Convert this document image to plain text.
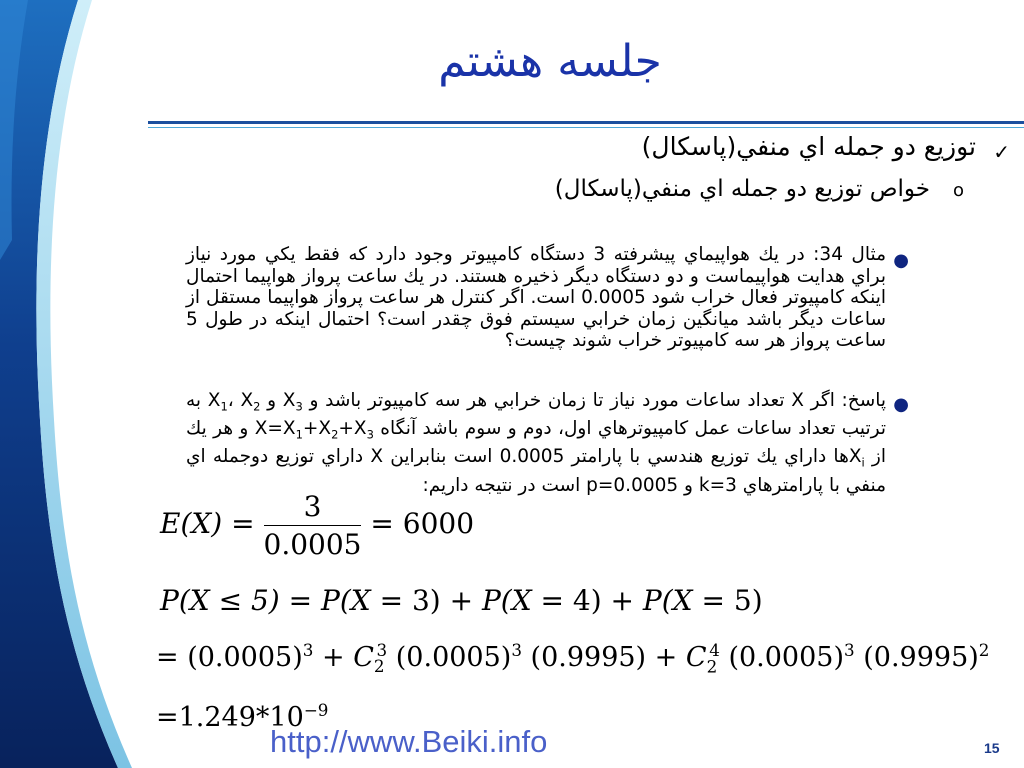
جلسه هشتم
✓
توزيع دو جمله اي منفي(پاسكال)
o
خواص توزيع دو جمله اي منفي(پاسكال)
●

مثال 34: در يك هواپيماي پيشرفته 3 دستگاه كامپيوتر وجود دارد كه فقط يكي مورد نياز براي هدايت هواپيماست و دو دستگاه ديگر ذخيره هستند. در يك ساعت پرواز هواپيما احتمال اينكه كامپيوتر فعال خراب شود 0.0005 است. اگر كنترل هر ساعت پرواز هواپيما مستقل از ساعات ديگر باشد ميانگين زمان خرابي سيستم فوق چقدر است؟ احتمال اينكه در طول 5 ساعت پرواز هر سه كامپيوتر خراب شوند چيست؟

●

پاسخ: اگر X تعداد ساعات مورد نياز تا زمان خرابي هر سه كامپيوتر باشد و $X_1،$ $X_2$ و $X_3$ به ترتيب تعداد ساعات عمل كامپيوترهاي اول، دوم و سوم باشد آنگاه $X=X_1+X_2+X_3$ و هر يك از $X_iها$ داراي يك توزيع هندسي با پارامتر 0.0005 است بنابراين X داراي توزيع دوجمله اي منفي با پارامترهاي k=3 و p=0.0005 است در نتيجه داريم:

$E(X) = \frac{3}{0.0005} = 6000$
P(X ≤ 5) = P(X = 3) + P(X = 4) + P(X = 5)
= $(0.0005)^3 + C_2^3$ $(0.0005)^3$ $(0.9995) + C_2^4$ $(0.0005)^3$ $(0.9995)^2$
$=1.249*10^{-9}$
http://www.Beiki.info	15
